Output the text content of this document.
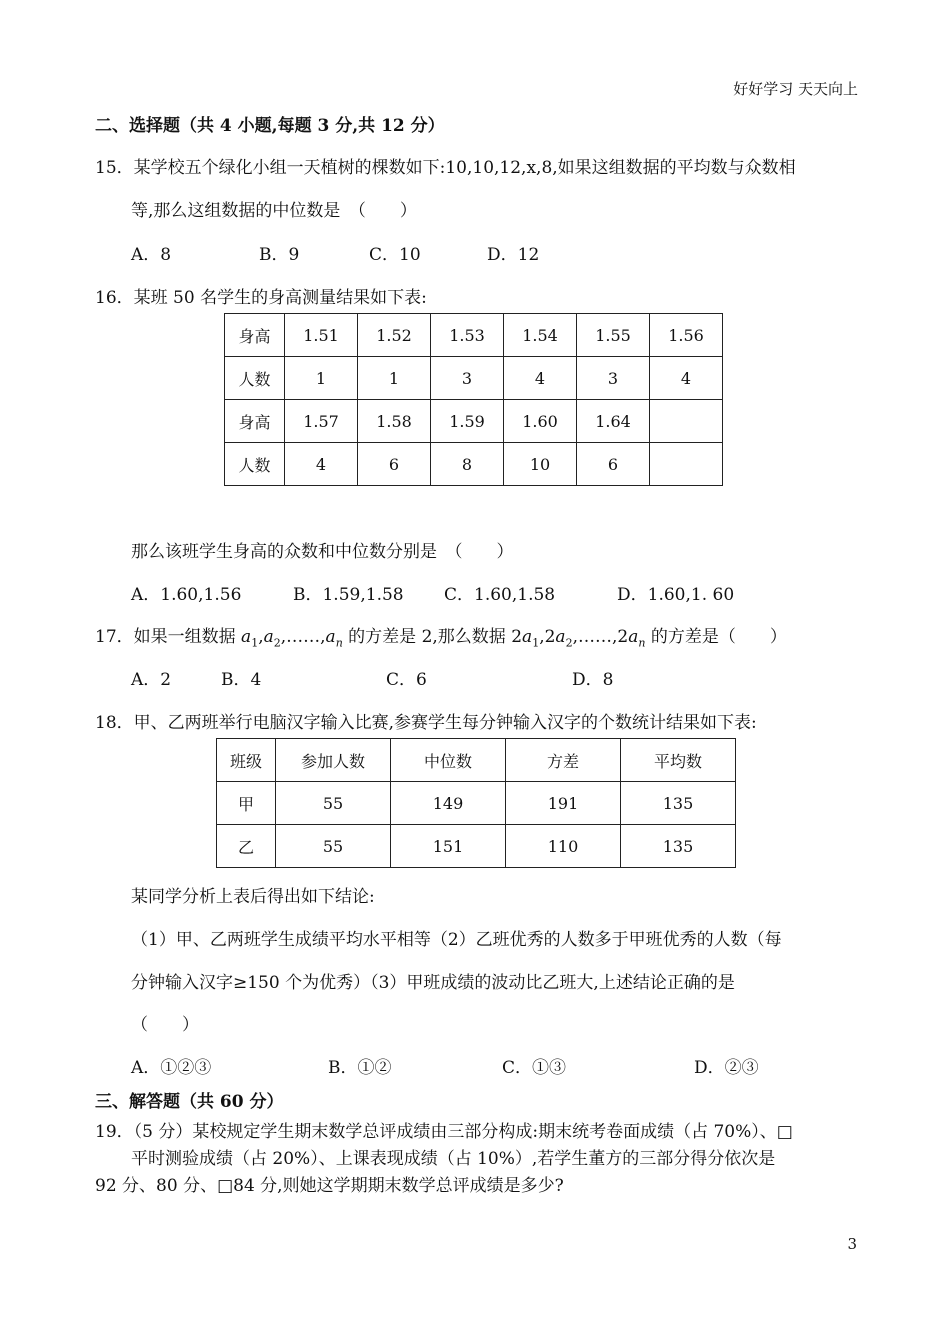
好好学习 天天向上
二、选择题（共 4 小题,每题 3 分,共 12 分）
15．某学校五个绿化小组一天植树的棵数如下:10,10,12,x,8,如果这组数据的平均数与众数相
等,那么这组数据的中位数是　（　　）
A．8	B．9	C．10	D．12
16．某班 50 名学生的身高测量结果如下表:
身高	1.51	1.52	1.53	1.54	1.55	1.56
人数	1	1	3	4	3	4
身高	1.57	1.58	1.59	1.60	1.64	
人数	4	6	8	10	6	
那么该班学生身高的众数和中位数分别是　（　　）
A．1.60,1.56	B．1.59,1.58 C．1.60,1.58	D．1.60,1. 60
17．如果一组数据 $a_1,a_2,\dots\dots,a_n$ 的方差是 2,那么数据 $2a_1,2a_2,\dots\dots,2a_n$ 的方差是（　　）
A．2	B．4	C．6	D．8
18．甲、乙两班举行电脑汉字输入比赛,参赛学生每分钟输入汉字的个数统计结果如下表:
班级	参加人数	中位数	方差	平均数
甲	55	149	191	135
乙	55	151	110	135
某同学分析上表后得出如下结论:
（1）甲、乙两班学生成绩平均水平相等（2）乙班优秀的人数多于甲班优秀的人数（每
分钟输入汉字≥150 个为优秀）（3）甲班成绩的波动比乙班大,上述结论正确的是
（　　）
A．①②③	B．①②	C．①③	D．②③
三、解答题（共 60 分）
19．（5 分）某校规定学生期末数学总评成绩由三部分构成:期末统考卷面成绩（占 70%）、□
平时测验成绩（占 20%）、上课表现成绩（占 10%）,若学生董方的三部分得分依次是
92 分、80 分、□84 分,则她这学期期末数学总评成绩是多少?
3
